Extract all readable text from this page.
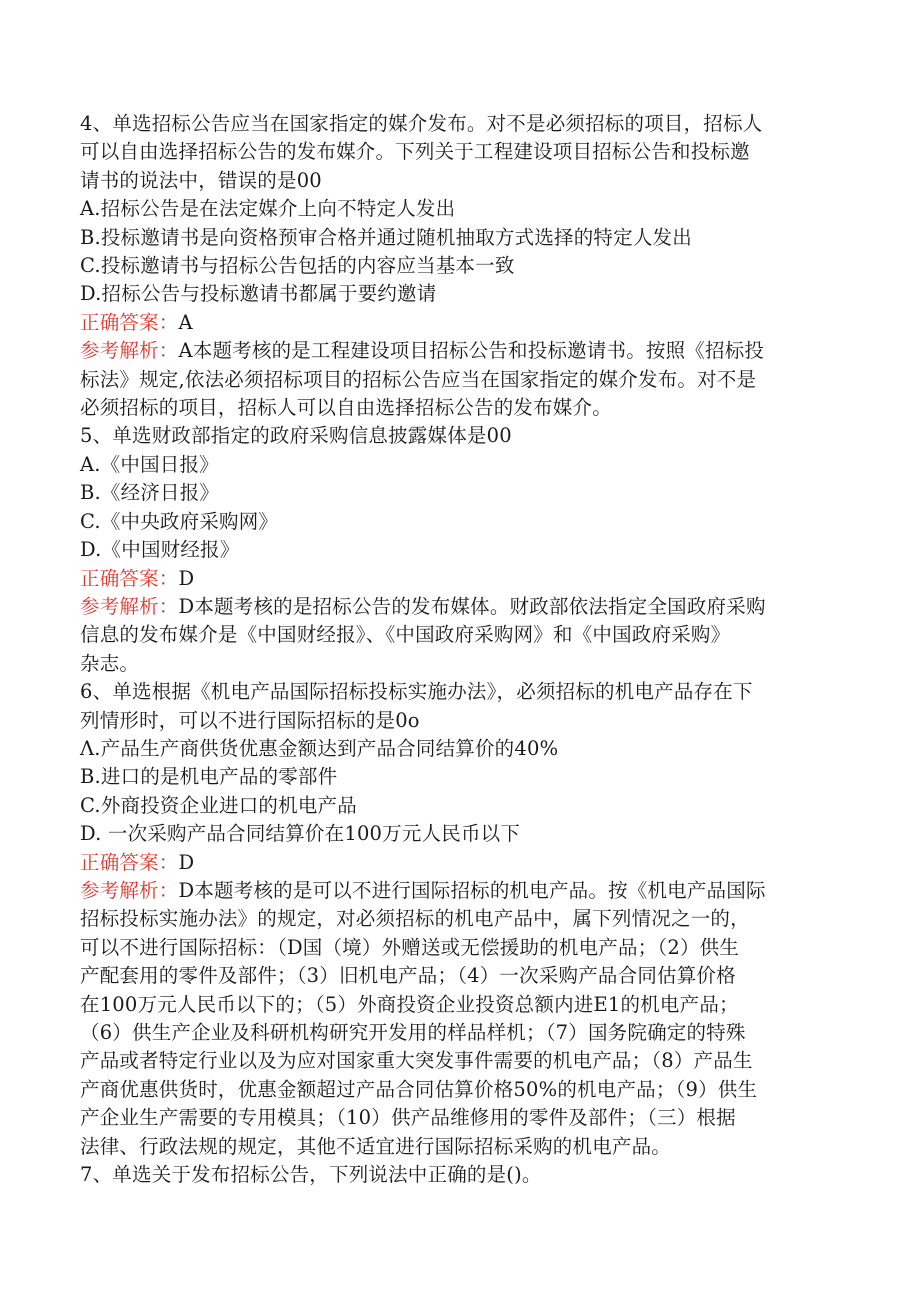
4、单选招标公告应当在国家指定的媒介发布。对不是必须招标的项目，招标人

可以自由选择招标公告的发布媒介。下列关于工程建设项目招标公告和投标邀

请书的说法中，错误的是00

A.招标公告是在法定媒介上向不特定人发出

B.投标邀请书是向资格预审合格并通过随机抽取方式选择的特定人发出

C.投标邀请书与招标公告包括的内容应当基本一致

D.招标公告与投标邀请书都属于要约邀请

正确答案：A

参考解析：A本题考核的是工程建设项目招标公告和投标邀请书。按照《招标投

标法》规定,依法必须招标项目的招标公告应当在国家指定的媒介发布。对不是

必须招标的项目，招标人可以自由选择招标公告的发布媒介。

5、单选财政部指定的政府采购信息披露媒体是00

A.《中国日报》

B.《经济日报》

C.《中央政府采购网》

D.《中国财经报》

正确答案：D

参考解析：D本题考核的是招标公告的发布媒体。财政部依法指定全国政府采购

信息的发布媒介是《中国财经报》、《中国政府采购网》和《中国政府采购》

杂志。

6、单选根据《机电产品国际招标投标实施办法》，必须招标的机电产品存在下

列情形时，可以不进行国际招标的是0o

Λ.产品生产商供货优惠金额达到产品合同结算价的40%

B.进口的是机电产品的零部件

C.外商投资企业进口的机电产品

D. 一次采购产品合同结算价在100万元人民币以下

正确答案：D

参考解析：D本题考核的是可以不进行国际招标的机电产品。按《机电产品国际

招标投标实施办法》的规定，对必须招标的机电产品中，属下列情况之一的，

可以不进行国际招标：（D国（境）外赠送或无偿援助的机电产品；（2）供生

产配套用的零件及部件；（3）旧机电产品；（4）一次采购产品合同估算价格

在100万元人民币以下的；（5）外商投资企业投资总额内进E1的机电产品；

（6）供生产企业及科研机构研究开发用的样品样机；（7）国务院确定的特殊

产品或者特定行业以及为应对国家重大突发事件需要的机电产品；（8）产品生

产商优惠供货时，优惠金额超过产品合同估算价格50%的机电产品；（9）供生

产企业生产需要的专用模具；（10）供产品维修用的零件及部件；（三）根据

法律、行政法规的规定，其他不适宜进行国际招标采购的机电产品。

7、单选关于发布招标公告，下列说法中正确的是()。
